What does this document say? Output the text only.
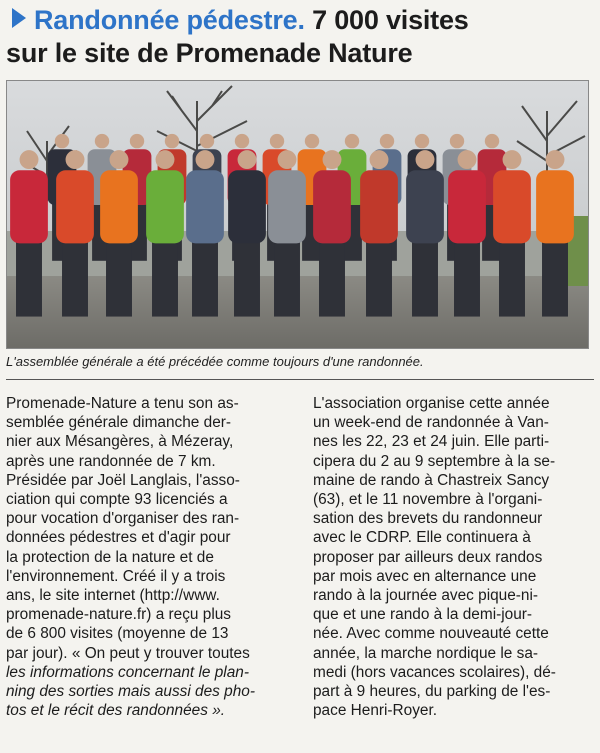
Randonnée pédestre. 7 000 visites
sur le site de Promenade Nature
L'assemblée générale a été précédée comme toujours d'une randonnée.
Promenade-Nature a tenu son as-
semblée générale dimanche der-
nier aux Mésangères, à Mézeray,
après une randonnée de 7 km.
Présidée par Joël Langlais, l'asso-
ciation qui compte 93 licenciés a
pour vocation d'organiser des ran-
données pédestres et d'agir pour
la protection de la nature et de
l'environnement. Créé il y a trois
ans, le site internet (http://www.
promenade-nature.fr) a reçu plus
de 6 800 visites (moyenne de 13
par jour). « On peut y trouver toutes
les informations concernant le plan-
ning des sorties mais aussi des pho-
tos et le récit des randonnées ».
L'association organise cette année
un week-end de randonnée à Van-
nes les 22, 23 et 24 juin. Elle parti-
cipera du 2 au 9 septembre à la se-
maine de rando à Chastreix Sancy
(63), et le 11 novembre à l'organi-
sation des brevets du randonneur
avec le CDRP. Elle continuera à
proposer par ailleurs deux randos
par mois avec en alternance une
rando à la journée avec pique-ni-
que et une rando à la demi-jour-
née. Avec comme nouveauté cette
année, la marche nordique le sa-
medi (hors vacances scolaires), dé-
part à 9 heures, du parking de l'es-
pace Henri-Royer.
